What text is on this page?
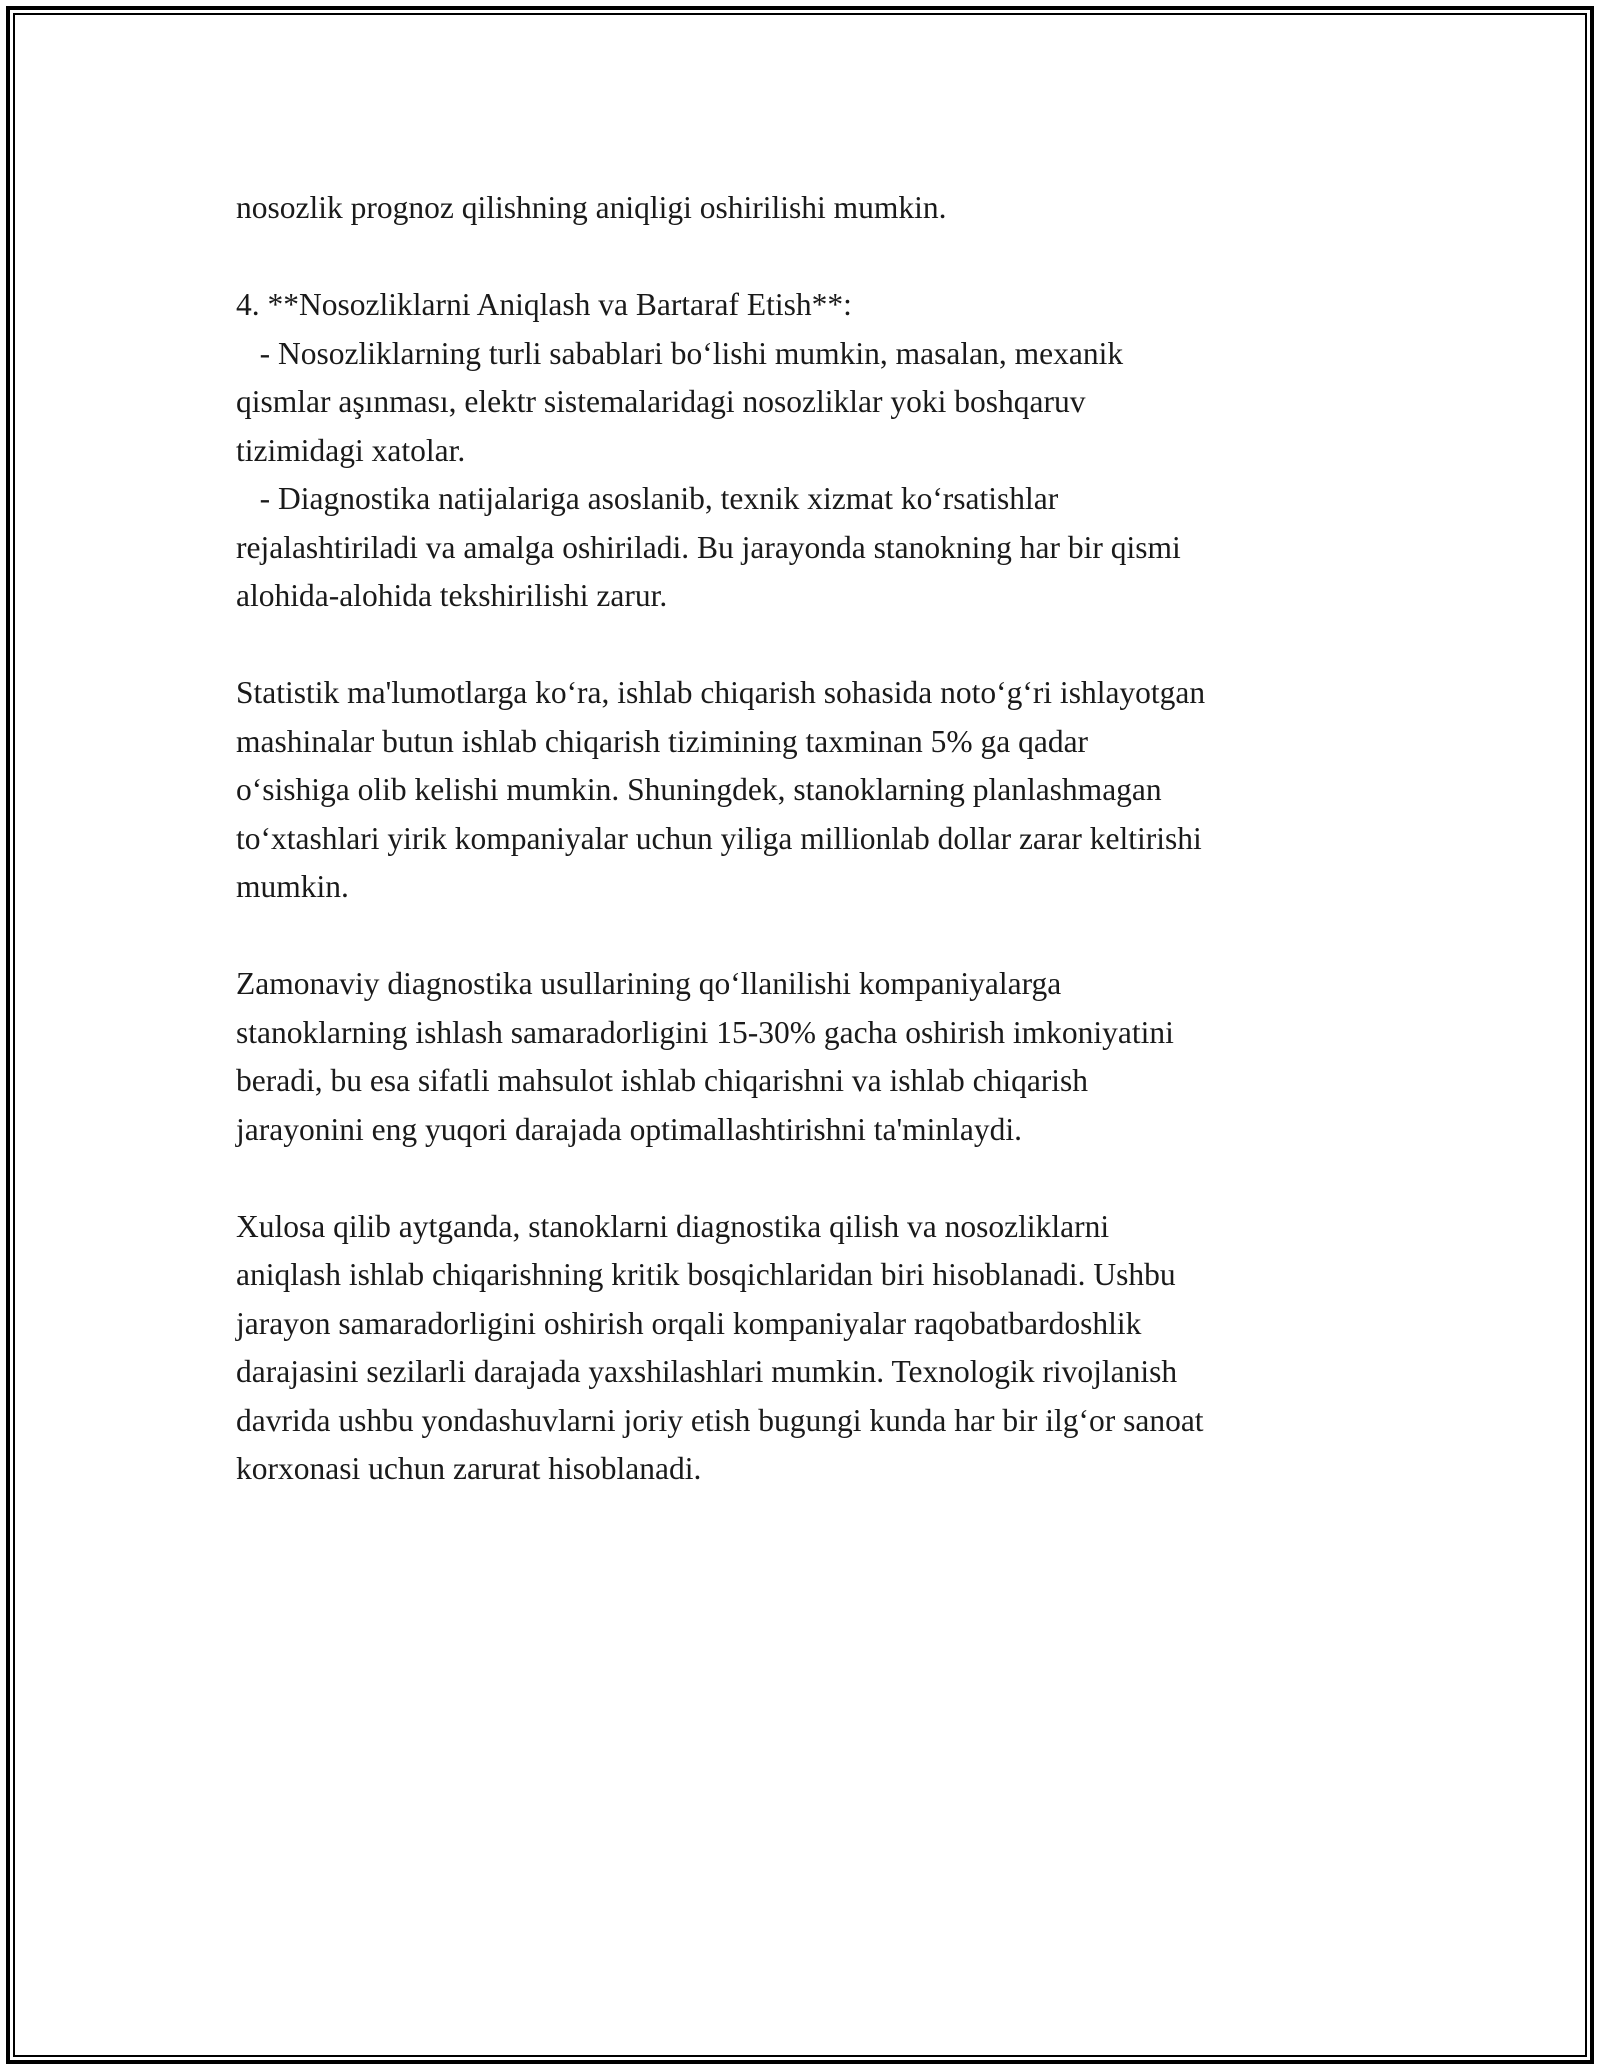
nosozlik prognoz qilishning aniqligi oshirilishi mumkin.

4. **Nosozliklarni Aniqlash va Bartaraf Etish**:

- Nosozliklarning turli sabablari bo‘lishi mumkin, masalan, mexanik

qismlar aşınması, elektr sistemalaridagi nosozliklar yoki boshqaruv

tizimidagi xatolar.

- Diagnostika natijalariga asoslanib, texnik xizmat ko‘rsatishlar

rejalashtiriladi va amalga oshiriladi. Bu jarayonda stanokning har bir qismi

alohida-alohida tekshirilishi zarur.

Statistik ma'lumotlarga ko‘ra, ishlab chiqarish sohasida noto‘g‘ri ishlayotgan

mashinalar butun ishlab chiqarish tizimining taxminan 5% ga qadar

o‘sishiga olib kelishi mumkin. Shuningdek, stanoklarning planlashmagan

to‘xtashlari yirik kompaniyalar uchun yiliga millionlab dollar zarar keltirishi

mumkin.

Zamonaviy diagnostika usullarining qo‘llanilishi kompaniyalarga

stanoklarning ishlash samaradorligini 15-30% gacha oshirish imkoniyatini

beradi, bu esa sifatli mahsulot ishlab chiqarishni va ishlab chiqarish

jarayonini eng yuqori darajada optimallashtirishni ta'minlaydi.

Xulosa qilib aytganda, stanoklarni diagnostika qilish va nosozliklarni

aniqlash ishlab chiqarishning kritik bosqichlaridan biri hisoblanadi. Ushbu

jarayon samaradorligini oshirish orqali kompaniyalar raqobatbardoshlik

darajasini sezilarli darajada yaxshilashlari mumkin. Texnologik rivojlanish

davrida ushbu yondashuvlarni joriy etish bugungi kunda har bir ilg‘or sanoat

korxonasi uchun zarurat hisoblanadi.
